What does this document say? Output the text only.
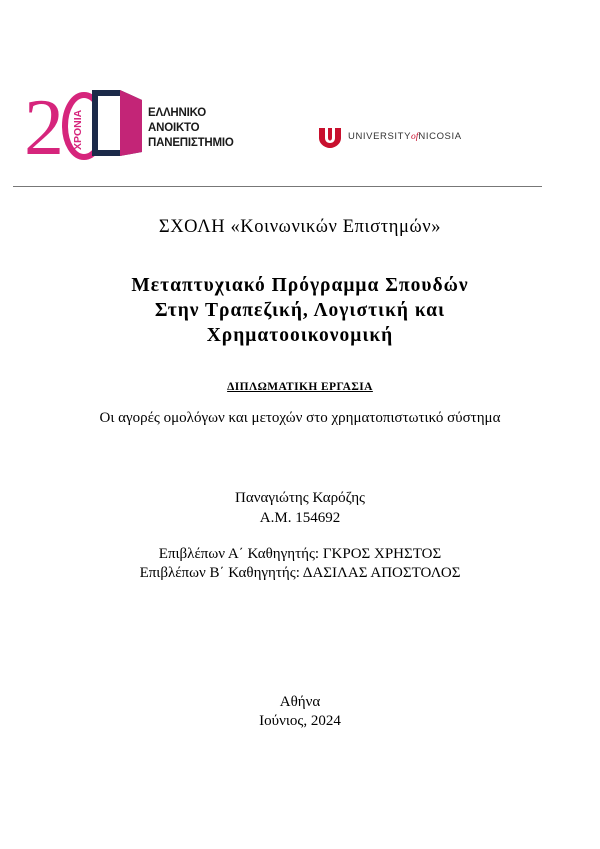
2 ΧΡΟΝΙΑ	ΕΛΛΗΝΙΚΟ
ΑΝΟΙΚΤΟ
ΠΑΝΕΠΙΣΤΗΜΙΟ
UNIVERSITYofNICOSIA
ΣΧΟΛΗ «Κοινωνικών Επιστημών»
Μεταπτυχιακό Πρόγραμμα Σπουδών
Στην Τραπεζική, Λογιστική και
Χρηματοοικονομική
ΔΙΠΛΩΜΑΤΙΚΗ ΕΡΓΑΣΙΑ
Οι αγορές ομολόγων και μετοχών στο χρηματοπιστωτικό σύστημα
Παναγιώτης Καρόζης
Α.Μ. 154692
Επιβλέπων Α΄ Καθηγητής: ΓΚΡΟΣ ΧΡΗΣΤΟΣ
Επιβλέπων Β΄ Καθηγητής: ΔΑΣΙΛΑΣ ΑΠΟΣΤΟΛΟΣ
Αθήνα
Ιούνιος, 2024
